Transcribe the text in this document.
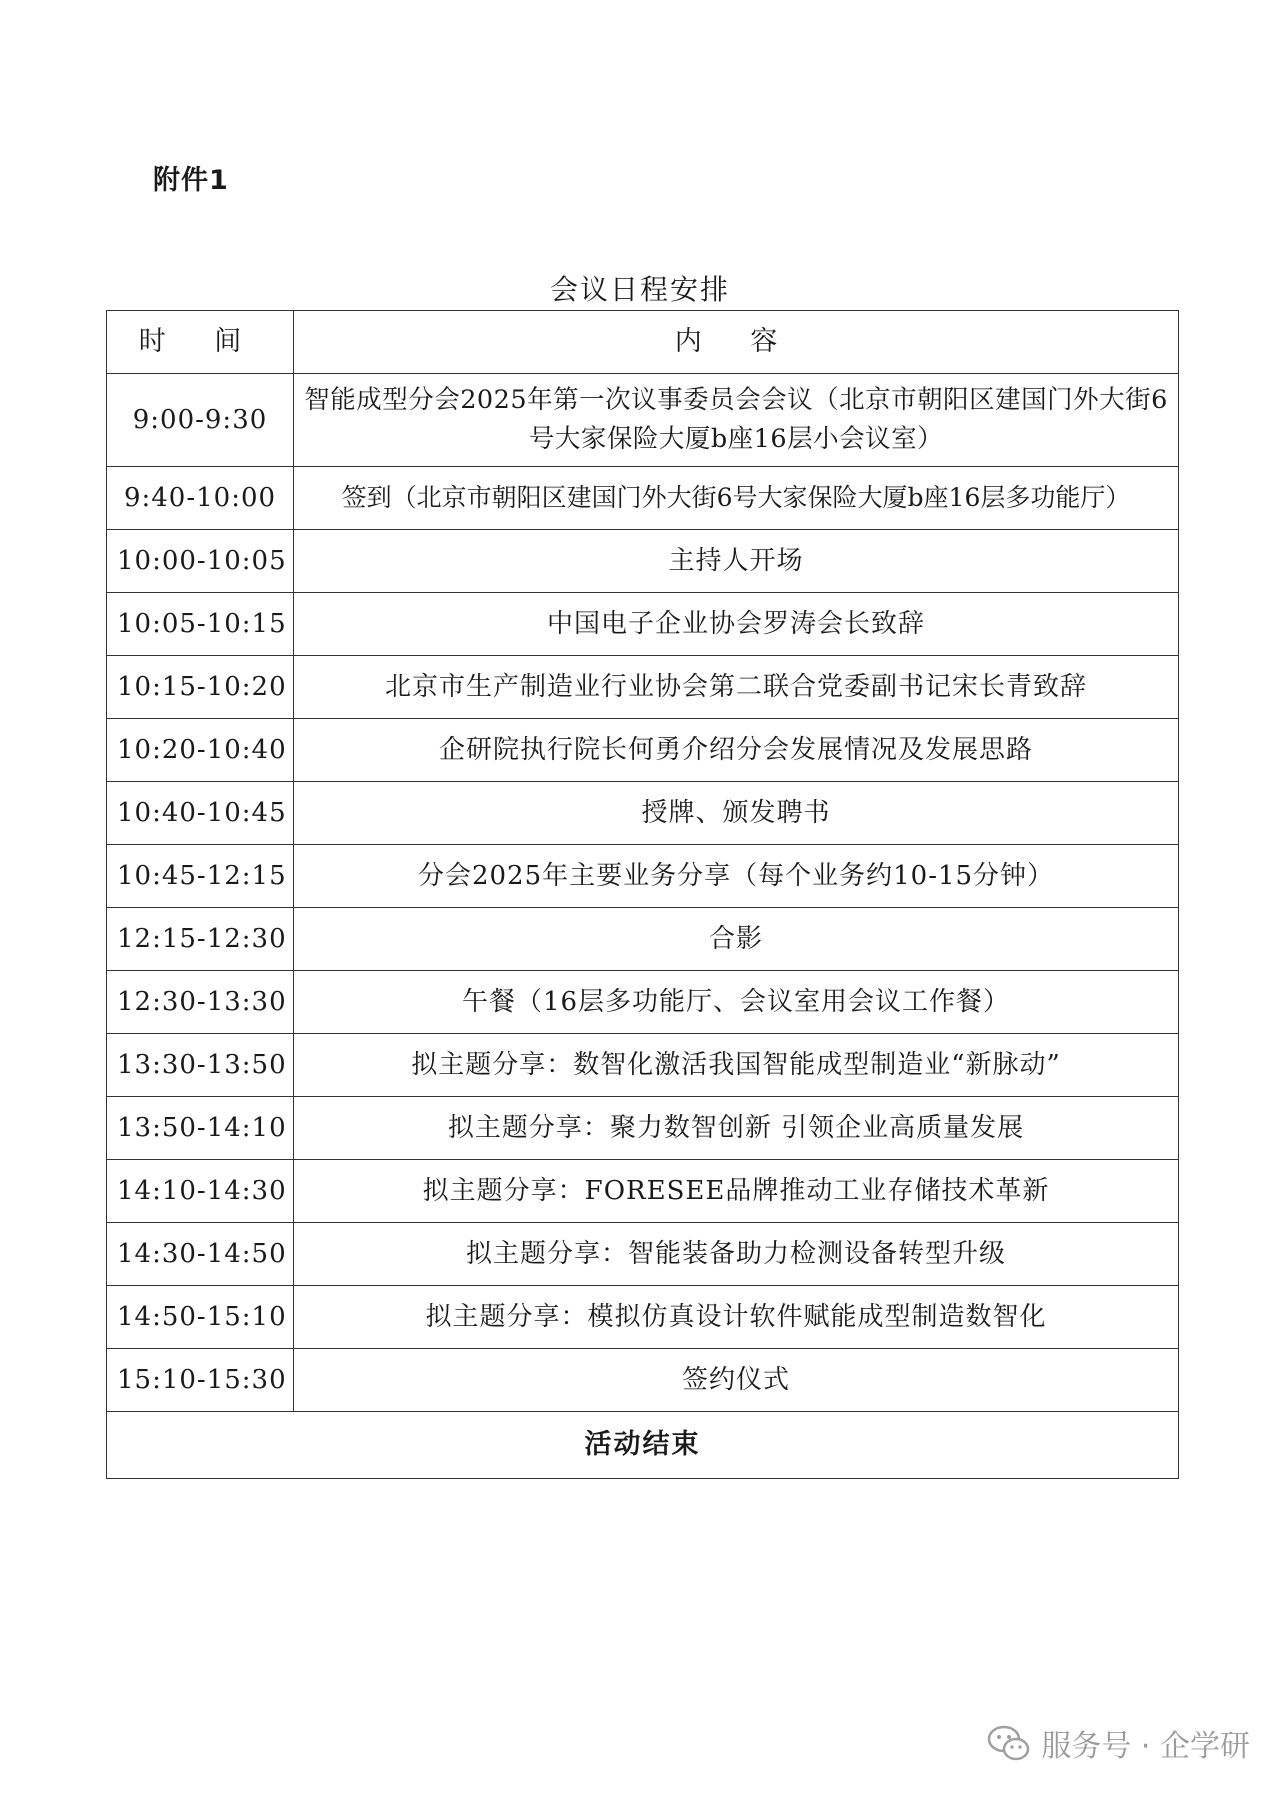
附件1
会议日程安排
时 间	内 容
9:00-9:30	智能成型分会2025年第一次议事委员会会议（北京市朝阳区建国门外大街6号大家保险大厦b座16层小会议室）
9:40-10:00	签到（北京市朝阳区建国门外大街6号大家保险大厦b座16层多功能厅）
10:00-10:05	主持人开场
10:05-10:15	中国电子企业协会罗涛会长致辞
10:15-10:20	北京市生产制造业行业协会第二联合党委副书记宋长青致辞
10:20-10:40	企研院执行院长何勇介绍分会发展情况及发展思路
10:40-10:45	授牌、颁发聘书
10:45-12:15	分会2025年主要业务分享（每个业务约10-15分钟）
12:15-12:30	合影
12:30-13:30	午餐（16层多功能厅、会议室用会议工作餐）
13:30-13:50	拟主题分享：数智化激活我国智能成型制造业“新脉动”
13:50-14:10	拟主题分享：聚力数智创新 引领企业高质量发展
14:10-14:30	拟主题分享：FORESEE品牌推动工业存储技术革新
14:30-14:50	拟主题分享：智能装备助力检测设备转型升级
14:50-15:10	拟主题分享：模拟仿真设计软件赋能成型制造数智化
15:10-15:30	签约仪式
活动结束	
服务号 · 企学研
